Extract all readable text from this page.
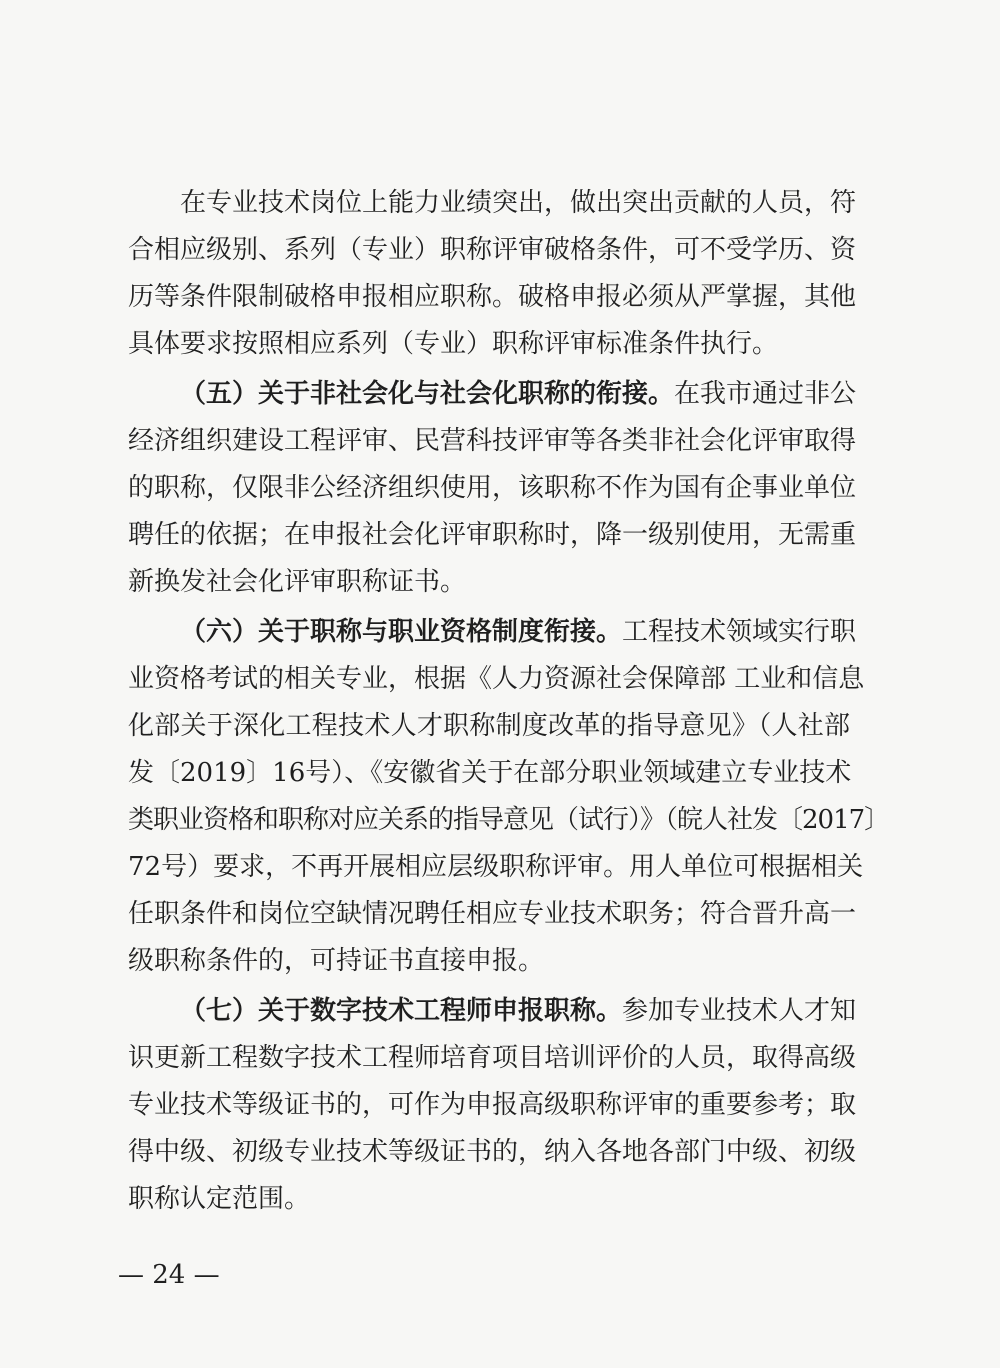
在专业技术岗位上能力业绩突出，做出突出贡献的人员，符
合相应级别、系列（专业）职称评审破格条件，可不受学历、资
历等条件限制破格申报相应职称。破格申报必须从严掌握，其他
具体要求按照相应系列（专业）职称评审标准条件执行。
（五）关于非社会化与社会化职称的衔接。在我市通过非公
经济组织建设工程评审、民营科技评审等各类非社会化评审取得
的职称，仅限非公经济组织使用，该职称不作为国有企事业单位
聘任的依据；在申报社会化评审职称时，降一级别使用，无需重
新换发社会化评审职称证书。
（六）关于职称与职业资格制度衔接。工程技术领域实行职
业资格考试的相关专业，根据《人力资源社会保障部 工业和信息
化部关于深化工程技术人才职称制度改革的指导意见》（人社部
发〔2019〕16号）、《安徽省关于在部分职业领域建立专业技术
类职业资格和职称对应关系的指导意见（试行）》（皖人社发〔2017〕
72号）要求，不再开展相应层级职称评审。用人单位可根据相关
任职条件和岗位空缺情况聘任相应专业技术职务；符合晋升高一
级职称条件的，可持证书直接申报。
（七）关于数字技术工程师申报职称。参加专业技术人才知
识更新工程数字技术工程师培育项目培训评价的人员，取得高级
专业技术等级证书的，可作为申报高级职称评审的重要参考；取
得中级、初级专业技术等级证书的，纳入各地各部门中级、初级
职称认定范围。
— 24 —
